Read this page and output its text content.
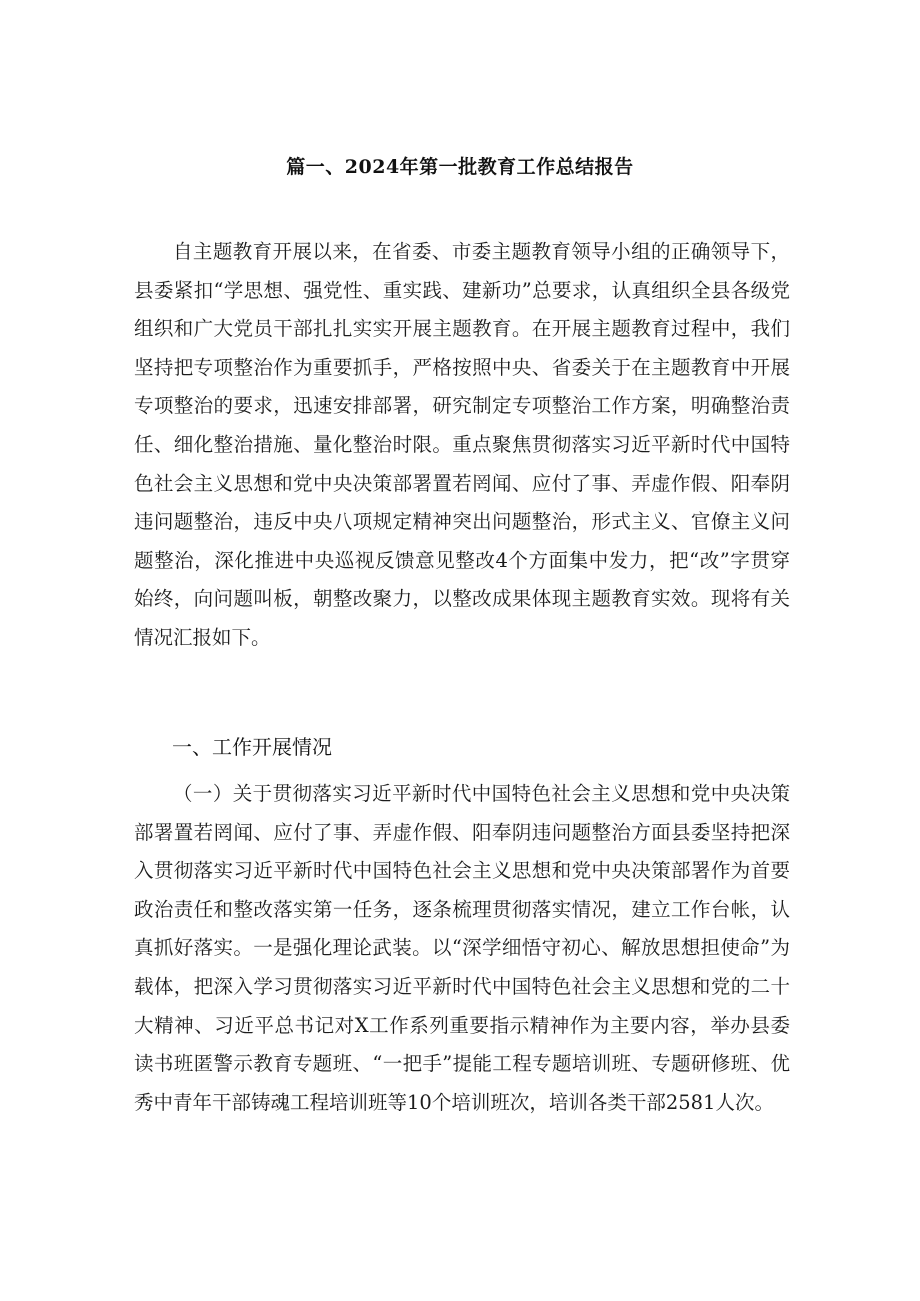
篇一、2024年第一批教育工作总结报告

自主题教育开展以来，在省委、市委主题教育领导小组的正确领导下，县委紧扣“学思想、强党性、重实践、建新功”总要求，认真组织全县各级党组织和广大党员干部扎扎实实开展主题教育。在开展主题教育过程中，我们坚持把专项整治作为重要抓手，严格按照中央、省委关于在主题教育中开展专项整治的要求，迅速安排部署，研究制定专项整治工作方案，明确整治责任、细化整治措施、量化整治时限。重点聚焦贯彻落实习近平新时代中国特色社会主义思想和党中央决策部署置若罔闻、应付了事、弄虚作假、阳奉阴违问题整治，违反中央八项规定精神突出问题整治，形式主义、官僚主义问题整治，深化推进中央巡视反馈意见整改4个方面集中发力，把“改”字贯穿始终，向问题叫板，朝整改聚力，以整改成果体现主题教育实效。现将有关情况汇报如下。

一、工作开展情况

（一）关于贯彻落实习近平新时代中国特色社会主义思想和党中央决策部署置若罔闻、应付了事、弄虚作假、阳奉阴违问题整治方面县委坚持把深入贯彻落实习近平新时代中国特色社会主义思想和党中央决策部署作为首要政治责任和整改落实第一任务，逐条梳理贯彻落实情况，建立工作台帐，认真抓好落实。一是强化理论武装。以“深学细悟守初心、解放思想担使命”为载体，把深入学习贯彻落实习近平新时代中国特色社会主义思想和党的二十大精神、习近平总书记对X工作系列重要指示精神作为主要内容，举办县委读书班匿警示教育专题班、“一把手”提能工程专题培训班、专题研修班、优秀中青年干部铸魂工程培训班等10个培训班次，培训各类干部2581人次。
